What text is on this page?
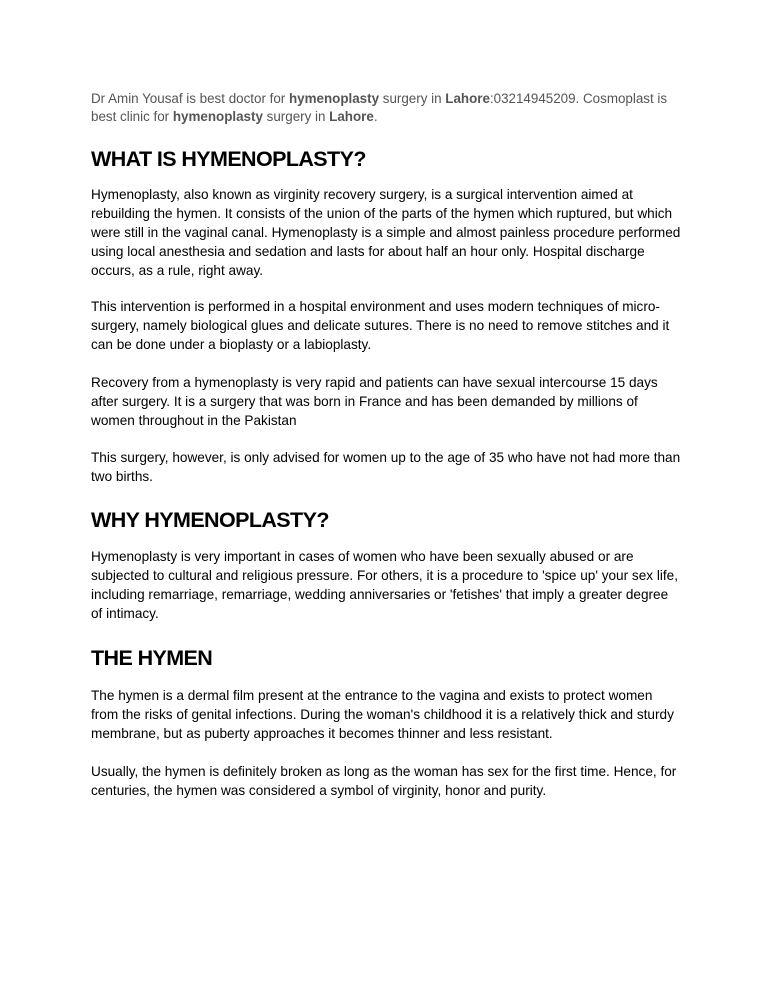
Dr Amin Yousaf is best doctor for hymenoplasty surgery in Lahore:03214945209. Cosmoplast is best clinic for hymenoplasty surgery in Lahore.

WHAT IS HYMENOPLASTY?

Hymenoplasty, also known as virginity recovery surgery, is a surgical intervention aimed at rebuilding the hymen. It consists of the union of the parts of the hymen which ruptured, but which were still in the vaginal canal. Hymenoplasty is a simple and almost painless procedure performed using local anesthesia and sedation and lasts for about half an hour only. Hospital discharge occurs, as a rule, right away.

This intervention is performed in a hospital environment and uses modern techniques of micro-surgery, namely biological glues and delicate sutures. There is no need to remove stitches and it can be done under a bioplasty or a labioplasty.

Recovery from a hymenoplasty is very rapid and patients can have sexual intercourse 15 days after surgery. It is a surgery that was born in France and has been demanded by millions of women throughout in the Pakistan

This surgery, however, is only advised for women up to the age of 35 who have not had more than two births.

WHY HYMENOPLASTY?

Hymenoplasty is very important in cases of women who have been sexually abused or are subjected to cultural and religious pressure. For others, it is a procedure to 'spice up' your sex life, including remarriage, remarriage, wedding anniversaries or 'fetishes' that imply a greater degree of intimacy.

THE HYMEN

The hymen is a dermal film present at the entrance to the vagina and exists to protect women from the risks of genital infections. During the woman's childhood it is a relatively thick and sturdy membrane, but as puberty approaches it becomes thinner and less resistant.

Usually, the hymen is definitely broken as long as the woman has sex for the first time. Hence, for centuries, the hymen was considered a symbol of virginity, honor and purity.
